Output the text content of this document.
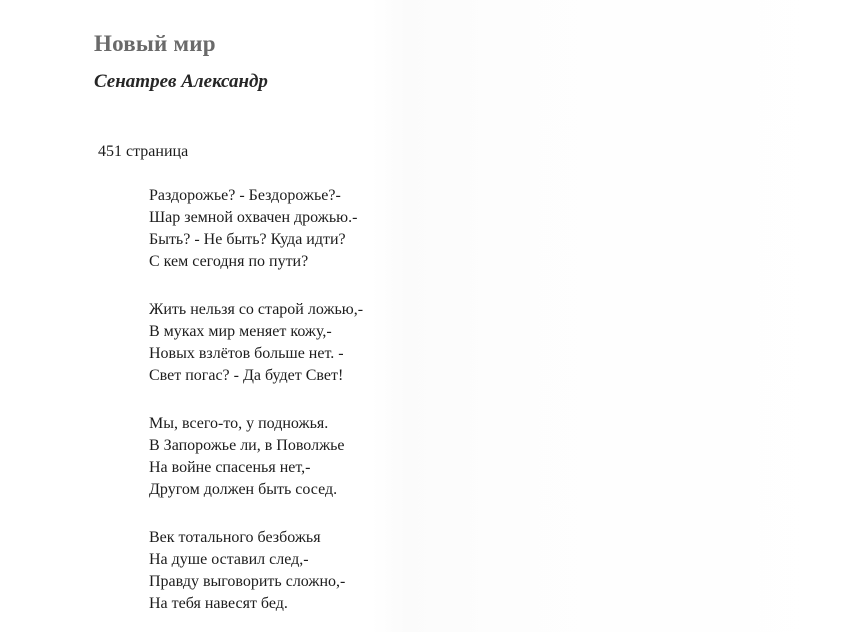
Новый мир
Сенатрев Александр
451 страница
Раздорожье? - Бездорожье?-
Шар земной охвачен дрожью.-
Быть? - Не быть? Куда идти?
С кем сегодня по пути?
Жить нельзя со старой ложью,-
В муках мир меняет кожу,-
Новых взлётов больше нет. -
Свет погас? - Да будет Свет!
Мы, всего-то, у подножья.
В Запорожье ли, в Поволжье
На войне спасенья нет,-
Другом должен быть сосед.
Век тотального безбожья
На душе оставил след,-
Правду выговорить сложно,-
На тебя навесят бед.
